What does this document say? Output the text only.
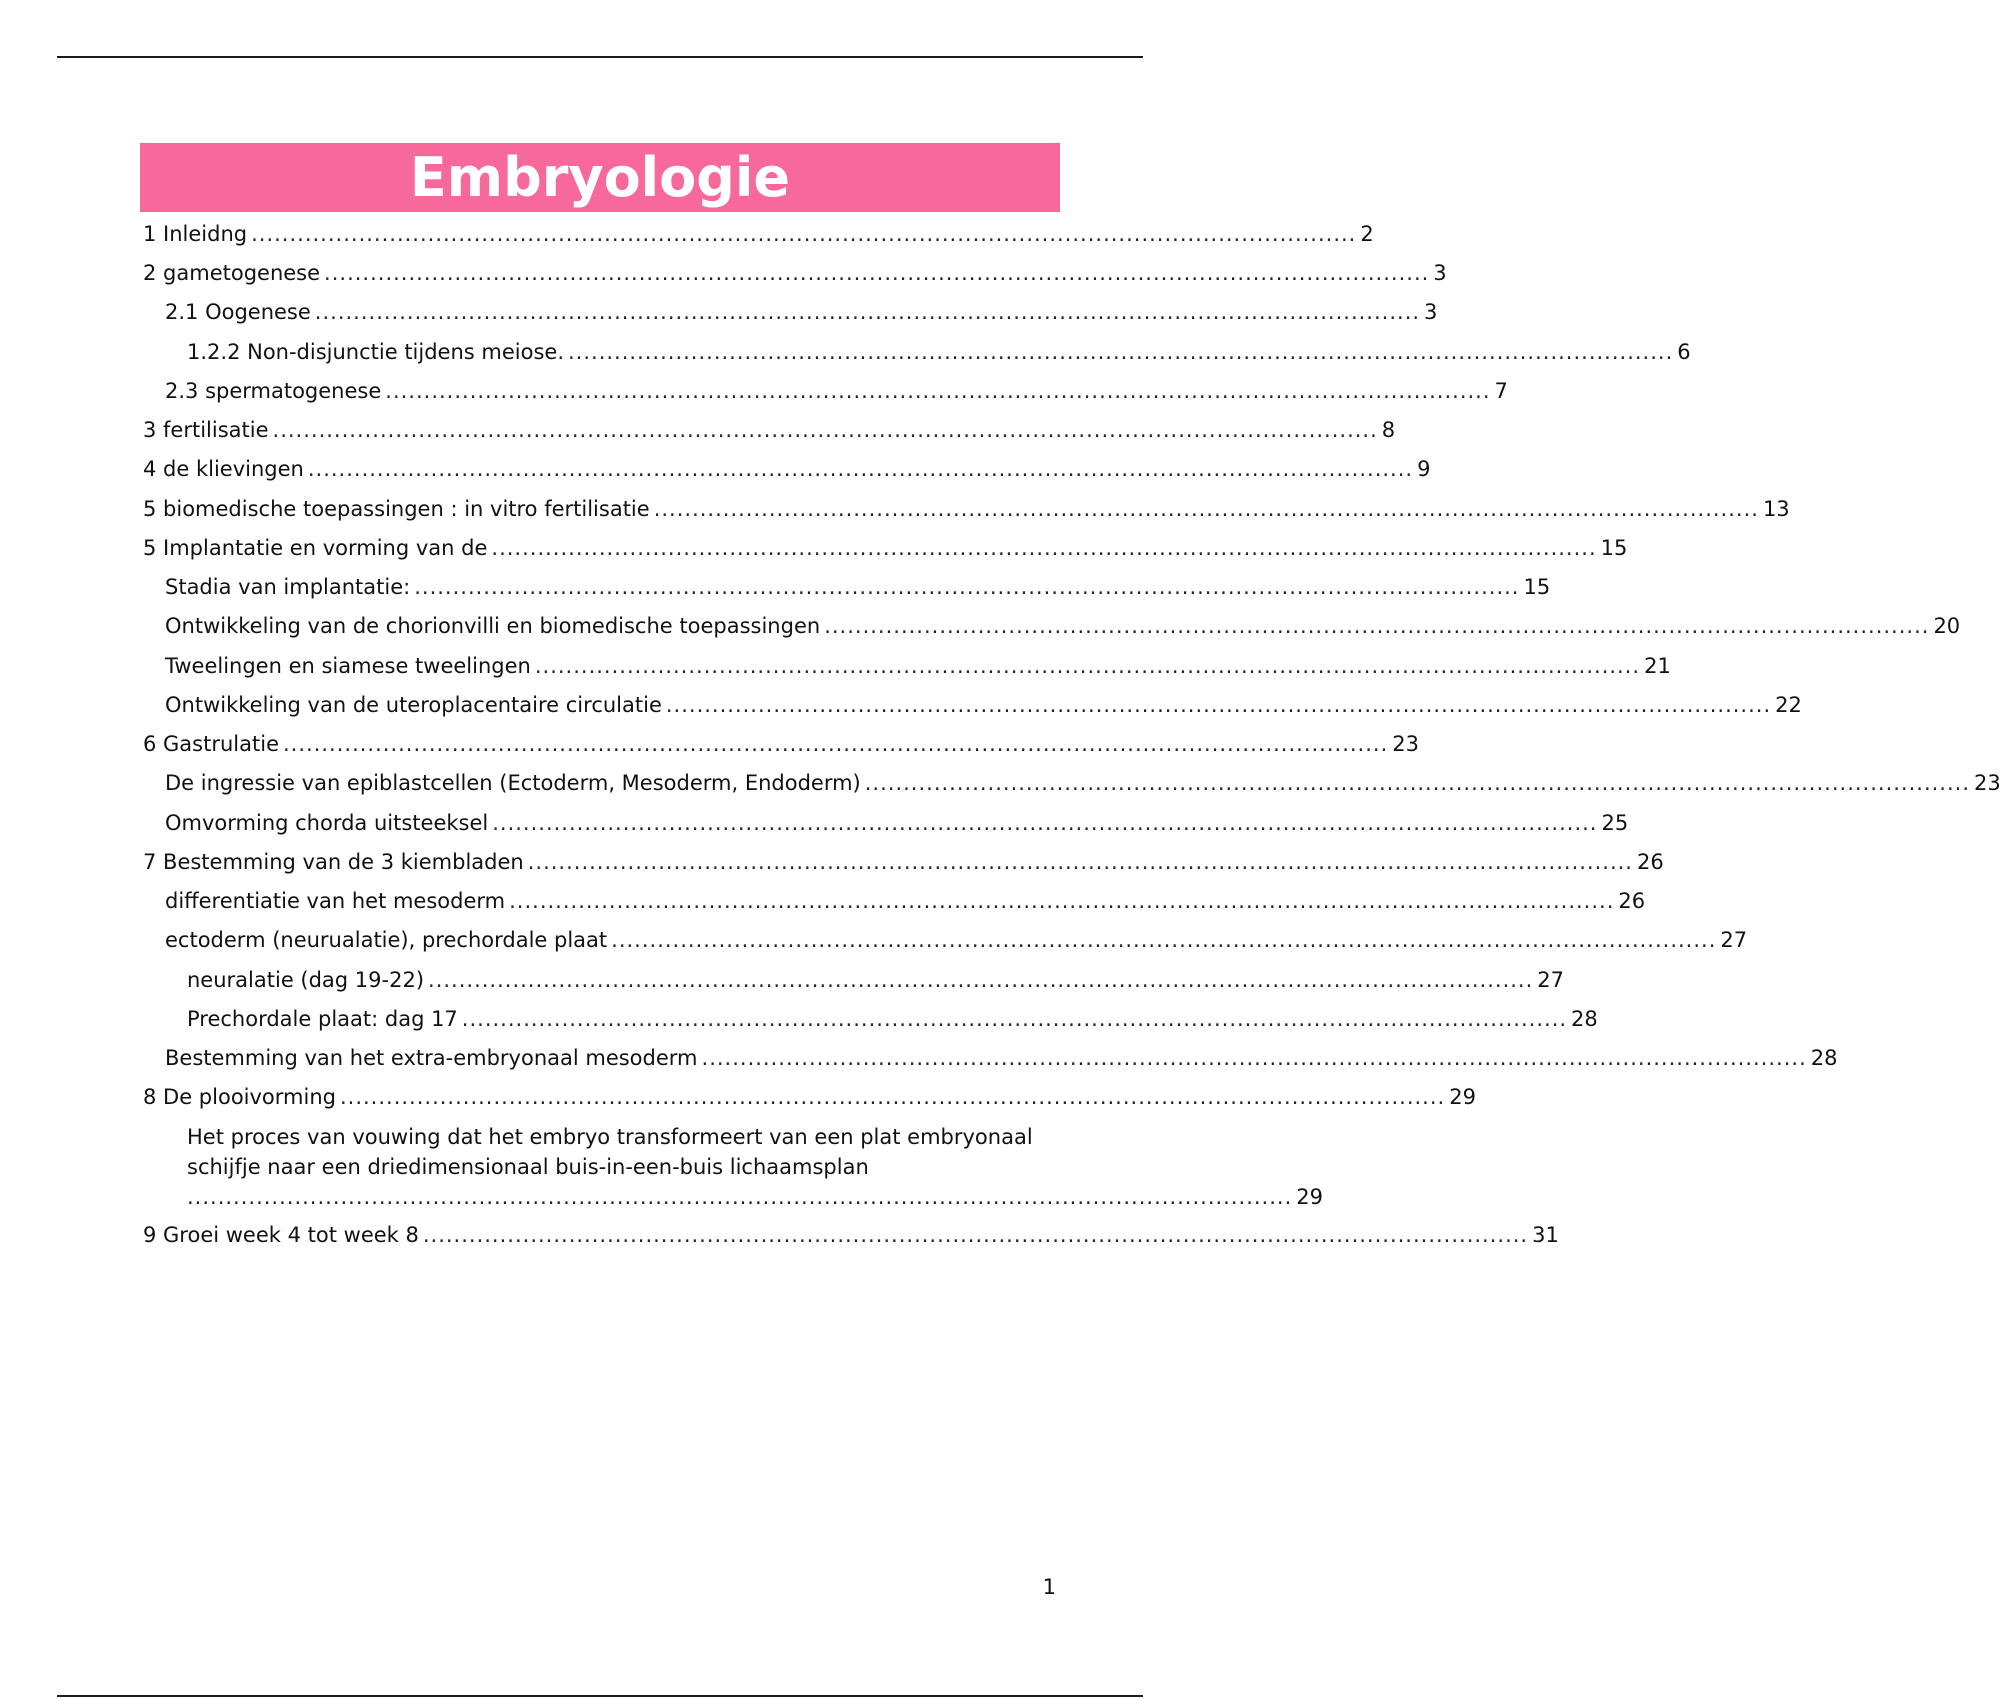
Embryologie
1 Inleidng ................................................................................................................................................ 2
2 gametogenese ................................................................................................................................................ 3
2.1 Oogenese ................................................................................................................................................ 3
1.2.2 Non-disjunctie tijdens meiose. ................................................................................................................................................ 6
2.3 spermatogenese ................................................................................................................................................ 7
3 fertilisatie ................................................................................................................................................ 8
4 de klievingen ................................................................................................................................................ 9
5 biomedische toepassingen : in vitro fertilisatie ................................................................................................................................................ 13
5 Implantatie en vorming van de ................................................................................................................................................ 15
Stadia van implantatie: ................................................................................................................................................ 15
Ontwikkeling van de chorionvilli en biomedische toepassingen ................................................................................................................................................ 20
Tweelingen en siamese tweelingen ................................................................................................................................................ 21
Ontwikkeling van de uteroplacentaire circulatie ................................................................................................................................................ 22
6 Gastrulatie ................................................................................................................................................ 23
De ingressie van epiblastcellen (Ectoderm, Mesoderm, Endoderm) ................................................................................................................................................ 23
Omvorming chorda uitsteeksel ................................................................................................................................................ 25
7 Bestemming van de 3 kiembladen ................................................................................................................................................ 26
differentiatie van het mesoderm ................................................................................................................................................ 26
ectoderm (neurualatie), prechordale plaat ................................................................................................................................................ 27
neuralatie (dag 19-22) ................................................................................................................................................ 27
Prechordale plaat: dag 17 ................................................................................................................................................ 28
Bestemming van het extra-embryonaal mesoderm ................................................................................................................................................ 28
8 De plooivorming ................................................................................................................................................ 29
Het proces van vouwing dat het embryo transformeert van een plat embryonaal schijfje naar een driedimensionaal buis-in-een-buis lichaamsplan
................................................................................................................................................ 29
9 Groei week 4 tot week 8 ................................................................................................................................................ 31
1
